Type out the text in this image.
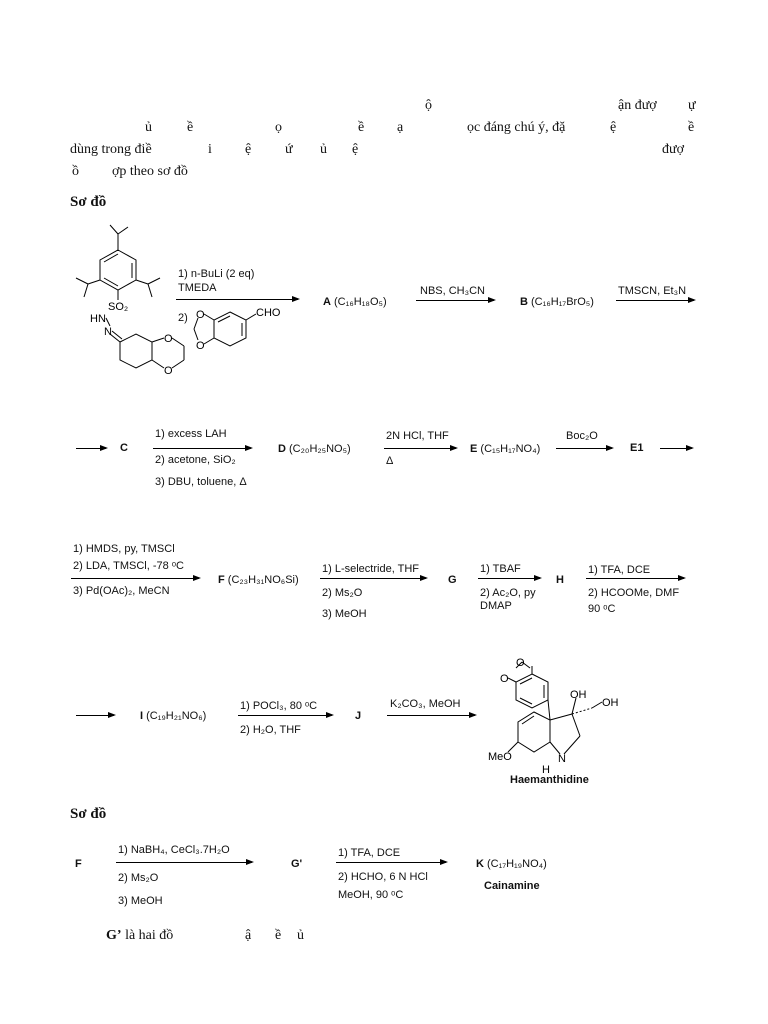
ộ	ận đượ ự
ủ	ề	ọ	ề ạ	ọc đáng chú ý, đặ	ệ	ề
dùng trong điề	i ệ ứ ủ ệ	đượ
ồ ợp theo sơ đồ
Sơ đồ
SO₂
HN
N
O
O
1) n-BuLi (2 eq)
TMEDA
2) O
O
CHO
A (C₁₆H₁₈O₅)
NBS, CH₃CN
B (C₁₆H₁₇BrO₅)
TMSCN, Et₃N
→ C
1) excess LAH
2) acetone, SiO₂
3) DBU, toluene, Δ
D (C₂₀H₂₅NO₅)
2N HCl, THF
Δ
E (C₁₅H₁₇NO₄)
Boc₂O
→ E1 →
1) HMDS, py, TMSCl
2) LDA, TMSCl, -78 ᵒC
3) Pd(OAc)₂, MeCN
F (C₂₃H₃₁NO₆Si)
1) L-selectride, THF
2) Ms₂O
3) MeOH
G
1) TBAF
2) Ac₂O, py
DMAP
H
1) TFA, DCE
2) HCOOMe, DMF
90 ᵒC
I (C₁₉H₂₁NO₆)
1) POCl₃, 80 ᵒC
2) H₂O, THF
J
K₂CO₃, MeOH
O
O
OH
OH
MeO	N
H
Haemanthidine
Sơ đồ
F
1) NaBH₄, CeCl₃.7H₂O
2) Ms₂O
3) MeOH
G'
1) TFA, DCE
2) HCHO, 6 N HCl
MeOH, 90 ᵒC
K (C₁₇H₁₉NO₄)
Cainamine
G’ là hai đồ	ậ ề ủ
